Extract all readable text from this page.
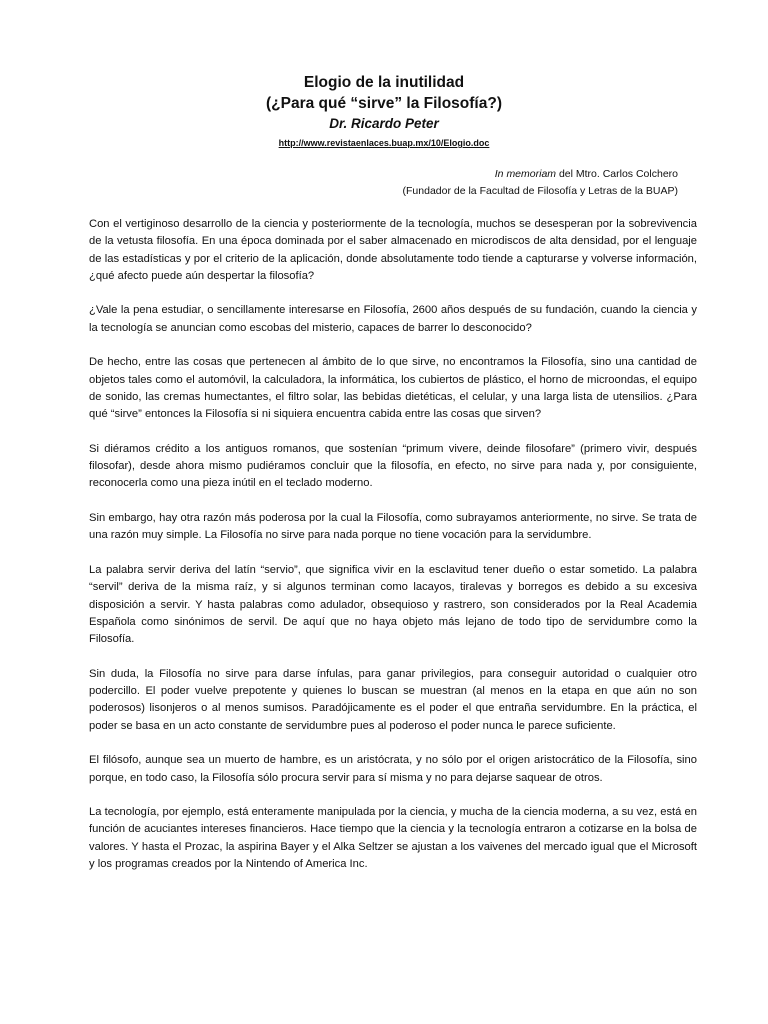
Elogio de la inutilidad

(¿Para qué “sirve” la Filosofía?)

Dr. Ricardo Peter

http://www.revistaenlaces.buap.mx/10/Elogio.doc
In memoriam del Mtro. Carlos Colchero
(Fundador de la Facultad de Filosofía y Letras de la BUAP)

Con el vertiginoso desarrollo de la ciencia y posteriormente de la tecnología, muchos se desesperan por la sobrevivencia de la vetusta filosofía. En una época dominada por el saber almacenado en microdiscos de alta densidad, por el lenguaje de las estadísticas y por el criterio de la aplicación, donde absolutamente todo tiende a capturarse y volverse información, ¿qué afecto puede aún despertar la filosofía?

¿Vale la pena estudiar, o sencillamente interesarse en Filosofía, 2600 años después de su fundación, cuando la ciencia y la tecnología se anuncian como escobas del misterio, capaces de barrer lo desconocido?

De hecho, entre las cosas que pertenecen al ámbito de lo que sirve, no encontramos la Filosofía, sino una cantidad de objetos tales como el automóvil, la calculadora, la informática, los cubiertos de plástico, el horno de microondas, el equipo de sonido, las cremas humectantes, el filtro solar, las bebidas dietéticas, el celular, y una larga lista de utensilios. ¿Para qué “sirve” entonces la Filosofía si ni siquiera encuentra cabida entre las cosas que sirven?

Si diéramos crédito a los antiguos romanos, que sostenían “primum vivere, deinde filosofare” (primero vivir, después filosofar), desde ahora mismo pudiéramos concluir que la filosofía, en efecto, no sirve para nada y, por consiguiente, reconocerla como una pieza inútil en el teclado moderno.

Sin embargo, hay otra razón más poderosa por la cual la Filosofía, como subrayamos anteriormente, no sirve. Se trata de una razón muy simple. La Filosofía no sirve para nada porque no tiene vocación para la servidumbre.

La palabra servir deriva del latín “servio”, que significa vivir en la esclavitud tener dueño o estar sometido. La palabra “servil” deriva de la misma raíz, y si algunos terminan como lacayos, tiralevas y borregos es debido a su excesiva disposición a servir. Y hasta palabras como adulador, obsequioso y rastrero, son considerados por la Real Academia Española como sinónimos de servil. De aquí que no haya objeto más lejano de todo tipo de servidumbre como la Filosofía.

Sin duda, la Filosofía no sirve para darse ínfulas, para ganar privilegios, para conseguir autoridad o cualquier otro podercillo. El poder vuelve prepotente y quienes lo buscan se muestran (al menos en la etapa en que aún no son poderosos) lisonjeros o al menos sumisos. Paradójicamente es el poder el que entraña servidumbre. En la práctica, el poder se basa en un acto constante de servidumbre pues al poderoso el poder nunca le parece suficiente.

El filósofo, aunque sea un muerto de hambre, es un aristócrata, y no sólo por el origen aristocrático de la Filosofía, sino porque, en todo caso, la Filosofía sólo procura servir para sí misma y no para dejarse saquear de otros.

La tecnología, por ejemplo, está enteramente manipulada por la ciencia, y mucha de la ciencia moderna, a su vez, está en función de acuciantes intereses financieros. Hace tiempo que la ciencia y la tecnología entraron a cotizarse en la bolsa de valores. Y hasta el Prozac, la aspirina Bayer y el Alka Seltzer se ajustan a los vaivenes del mercado igual que el Microsoft y los programas creados por la Nintendo of America Inc.
